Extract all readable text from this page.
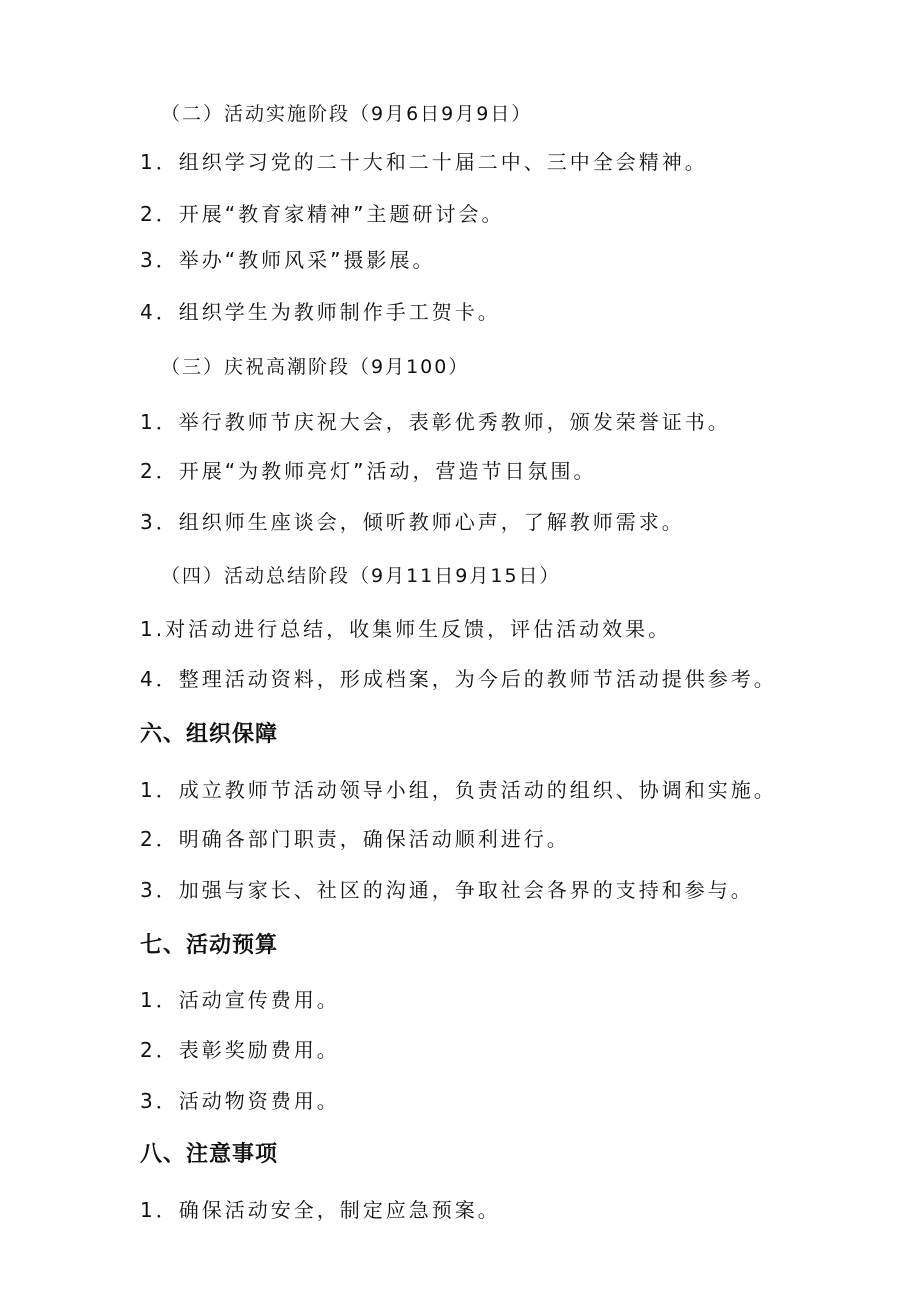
（二）活动实施阶段（9月6日9月9日）
1．组织学习党的二十大和二十届二中、三中全会精神。
2．开展“教育家精神”主题研讨会。
3．举办“教师风采”摄影展。
4．组织学生为教师制作手工贺卡。
（三）庆祝高潮阶段（9月100）
1．举行教师节庆祝大会，表彰优秀教师，颁发荣誉证书。
2．开展“为教师亮灯”活动，营造节日氛围。
3．组织师生座谈会，倾听教师心声，了解教师需求。
（四）活动总结阶段（9月11日9月15日）
1.对活动进行总结，收集师生反馈，评估活动效果。
4．整理活动资料，形成档案，为今后的教师节活动提供参考。
六、组织保障
1．成立教师节活动领导小组，负责活动的组织、协调和实施。
2．明确各部门职责，确保活动顺利进行。
3．加强与家长、社区的沟通，争取社会各界的支持和参与。
七、活动预算
1．活动宣传费用。
2．表彰奖励费用。
3．活动物资费用。
八、注意事项
1．确保活动安全，制定应急预案。
